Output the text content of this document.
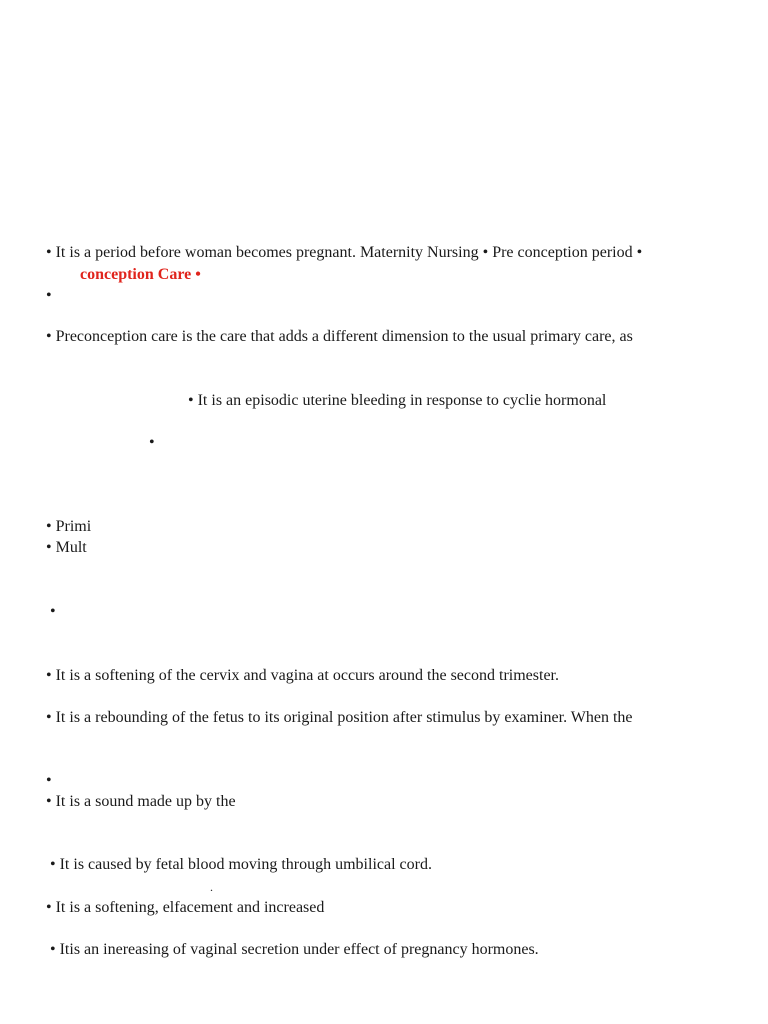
• It is a period before woman becomes pregnant. Maternity Nursing • Pre conception period •
conception Care •
•
• Preconception care is the care that adds a different dimension to the usual primary care, as
• It is an episodic uterine bleeding in response to cyclie hormonal
•
• Primi
• Mult
•
• It is a softening of the cervix and vagina at occurs around the second trimester.
• It is a rebounding of the fetus to its original position after stimulus by examiner. When the
•
• It is a sound made up by the
• It is caused by fetal blood moving through umbilical cord.
.
• It is a softening, elfacement and increased
• Itis an inereasing of vaginal secretion under effect of pregnancy hormones.
